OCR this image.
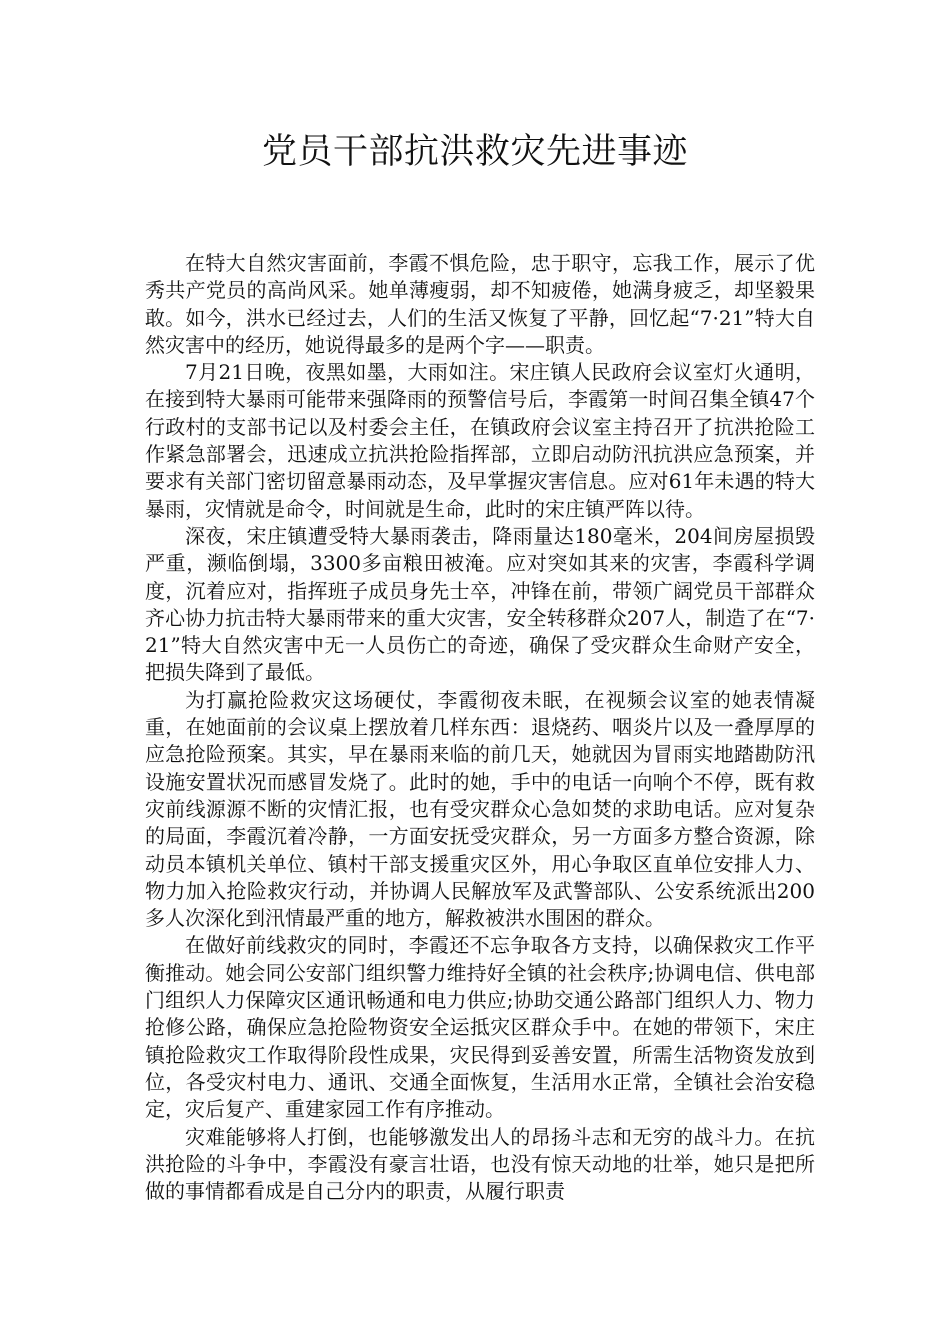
党员干部抗洪救灾先进事迹

在特大自然灾害面前，李霞不惧危险，忠于职守，忘我工作，展示了优秀共产党员的高尚风采。她单薄瘦弱，却不知疲倦，她满身疲乏，却坚毅果敢。如今，洪水已经过去，人们的生活又恢复了平静，回忆起“7·21”特大自然灾害中的经历，她说得最多的是两个字——职责。

7月21日晚，夜黑如墨，大雨如注。宋庄镇人民政府会议室灯火通明，在接到特大暴雨可能带来强降雨的预警信号后，李霞第一时间召集全镇47个行政村的支部书记以及村委会主任，在镇政府会议室主持召开了抗洪抢险工作紧急部署会，迅速成立抗洪抢险指挥部，立即启动防汛抗洪应急预案，并要求有关部门密切留意暴雨动态，及早掌握灾害信息。应对61年未遇的特大暴雨，灾情就是命令，时间就是生命，此时的宋庄镇严阵以待。

深夜，宋庄镇遭受特大暴雨袭击，降雨量达180毫米，204间房屋损毁严重，濒临倒塌，3300多亩粮田被淹。应对突如其来的灾害，李霞科学调度，沉着应对，指挥班子成员身先士卒，冲锋在前，带领广阔党员干部群众齐心协力抗击特大暴雨带来的重大灾害，安全转移群众207人，制造了在“7·21”特大自然灾害中无一人员伤亡的奇迹，确保了受灾群众生命财产安全，把损失降到了最低。

为打赢抢险救灾这场硬仗，李霞彻夜未眠，在视频会议室的她表情凝重，在她面前的会议桌上摆放着几样东西：退烧药、咽炎片以及一叠厚厚的应急抢险预案。其实，早在暴雨来临的前几天，她就因为冒雨实地踏勘防汛设施安置状况而感冒发烧了。此时的她，手中的电话一向响个不停，既有救灾前线源源不断的灾情汇报，也有受灾群众心急如焚的求助电话。应对复杂的局面，李霞沉着冷静，一方面安抚受灾群众，另一方面多方整合资源，除动员本镇机关单位、镇村干部支援重灾区外，用心争取区直单位安排人力、物力加入抢险救灾行动，并协调人民解放军及武警部队、公安系统派出200多人次深化到汛情最严重的地方，解救被洪水围困的群众。

在做好前线救灾的同时，李霞还不忘争取各方支持，以确保救灾工作平衡推动。她会同公安部门组织警力维持好全镇的社会秩序;协调电信、供电部门组织人力保障灾区通讯畅通和电力供应;协助交通公路部门组织人力、物力抢修公路，确保应急抢险物资安全运抵灾区群众手中。在她的带领下，宋庄镇抢险救灾工作取得阶段性成果，灾民得到妥善安置，所需生活物资发放到位，各受灾村电力、通讯、交通全面恢复，生活用水正常，全镇社会治安稳定，灾后复产、重建家园工作有序推动。

灾难能够将人打倒，也能够激发出人的昂扬斗志和无穷的战斗力。在抗洪抢险的斗争中，李霞没有豪言壮语，也没有惊天动地的壮举，她只是把所做的事情都看成是自己分内的职责，从履行职责
